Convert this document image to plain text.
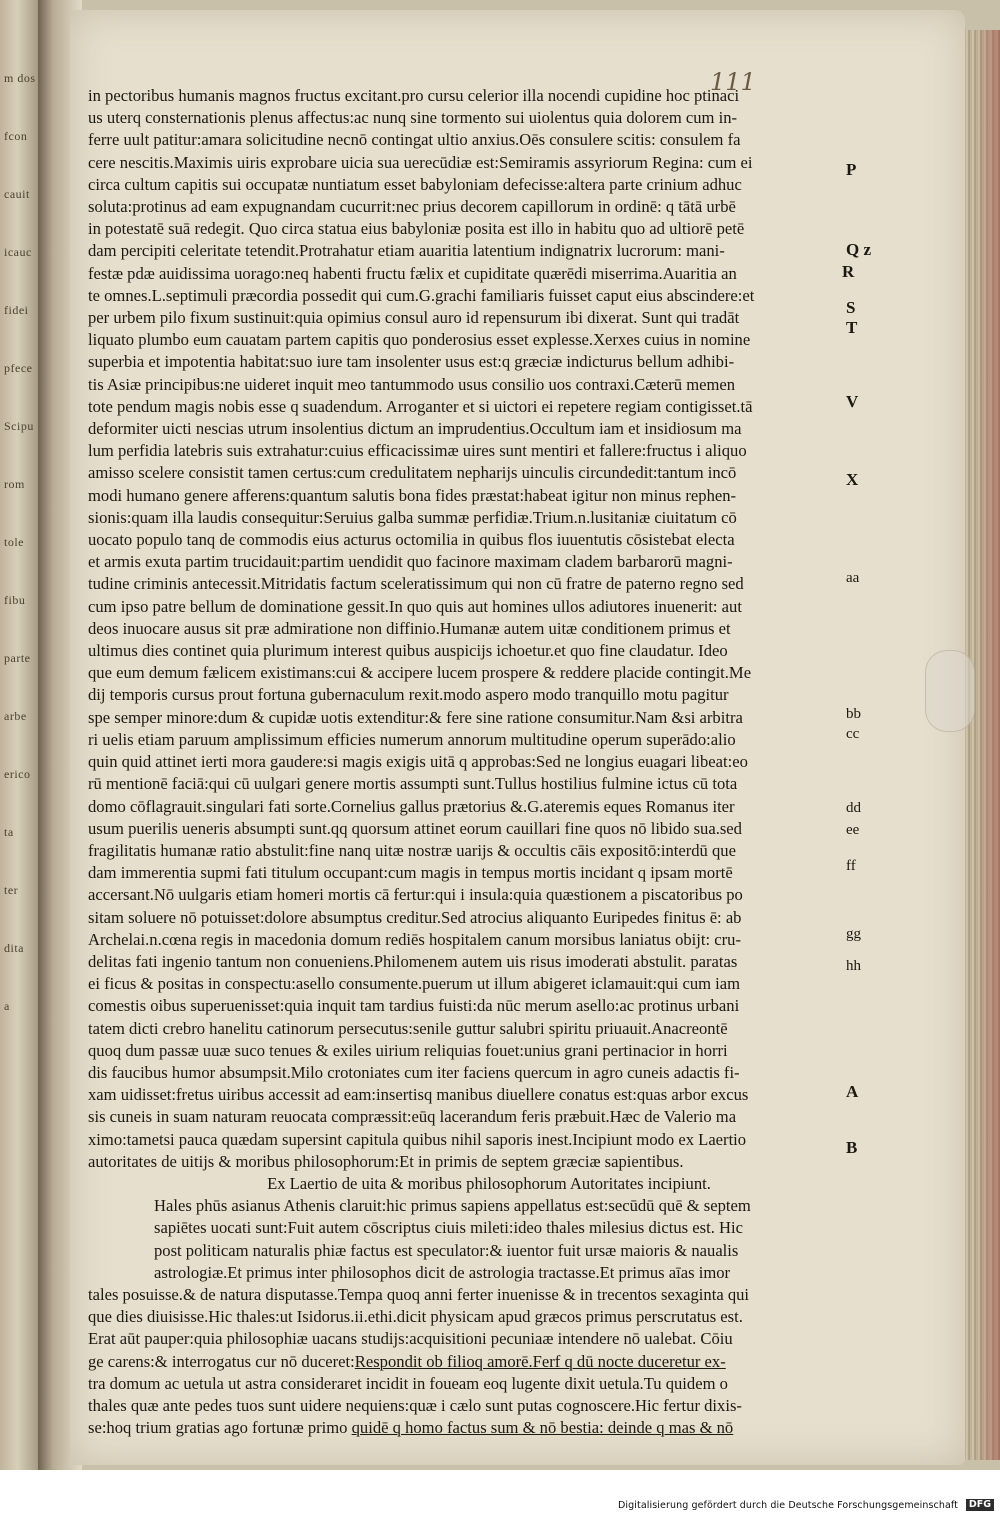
m dos
fcon
cauit
icauc
fidei
pfece
Scipu
rom
tole
fibu
parte
arbe
erico
ta
ter
dita
a
111

in pectoribus humanis magnos fructus excitant.pro cursu celerior illa nocendi cupidine hoc ptinaci

us uterq consternationis plenus affectus:ac nunq sine tormento sui uiolentus quia dolorem cum in-

ferre uult patitur:amara solicitudine necnō contingat ultio anxius.Oēs consulere scitis: consulem fa

cere nescitis.Maximis uiris exprobare uicia sua uerecūdiæ est:Semiramis assyriorum Regina: cum ei

circa cultum capitis sui occupatæ nuntiatum esset babyloniam defecisse:altera parte crinium adhuc

soluta:protinus ad eam expugnandam cucurrit:nec prius decorem capillorum in ordinē: q tātā urbē

in potestatē suā redegit. Quo circa statua eius babyloniæ posita est illo in habitu quo ad ultiorē petē

dam percipiti celeritate tetendit.Protrahatur etiam auaritia latentium indignatrix lucrorum: mani-

festæ pdæ auidissima uorago:neq habenti fructu fælix et cupiditate quærēdi miserrima.Auaritia an

te omnes.L.septimuli præcordia possedit qui cum.G.grachi familiaris fuisset caput eius abscindere:et

per urbem pilo fixum sustinuit:quia opimius consul auro id repensurum ibi dixerat. Sunt qui tradāt

liquato plumbo eum cauatam partem capitis quo ponderosius esset explesse.Xerxes cuius in nomine

superbia et impotentia habitat:suo iure tam insolenter usus est:q græciæ indicturus bellum adhibi-

tis Asiæ principibus:ne uideret inquit meo tantummodo usus consilio uos contraxi.Cæterū memen

tote pendum magis nobis esse q suadendum. Arroganter et si uictori ei repetere regiam contigisset.tā

deformiter uicti nescias utrum insolentius dictum an imprudentius.Occultum iam et insidiosum ma

lum perfidia latebris suis extrahatur:cuius efficacissimæ uires sunt mentiri et fallere:fructus i aliquo

amisso scelere consistit tamen certus:cum credulitatem nepharijs uinculis circundedit:tantum incō

modi humano genere afferens:quantum salutis bona fides præstat:habeat igitur non minus rephen-

sionis:quam illa laudis consequitur:Seruius galba summæ perfidiæ.Trium.n.lusitaniæ ciuitatum cō

uocato populo tanq de commodis eius acturus octomilia in quibus flos iuuentutis cōsistebat electa

et armis exuta partim trucidauit:partim uendidit quo facinore maximam cladem barbarorū magni-

tudine criminis antecessit.Mitridatis factum sceleratissimum qui non cū fratre de paterno regno sed

cum ipso patre bellum de dominatione gessit.In quo quis aut homines ullos adiutores inuenerit: aut

deos inuocare ausus sit præ admiratione non diffinio.Humanæ autem uitæ conditionem primus et

ultimus dies continet quia plurimum interest quibus auspicijs ichoetur.et quo fine claudatur. Ideo

que eum demum fælicem existimans:cui & accipere lucem prospere & reddere placide contingit.Me

dij temporis cursus prout fortuna gubernaculum rexit.modo aspero modo tranquillo motu pagitur

spe semper minore:dum & cupidæ uotis extenditur:& fere sine ratione consumitur.Nam &si arbitra

ri uelis etiam paruum amplissimum efficies numerum annorum multitudine operum superādo:alio

quin quid attinet ierti mora gaudere:si magis exigis uitā q approbas:Sed ne longius euagari libeat:eo

rū mentionē faciā:qui cū uulgari genere mortis assumpti sunt.Tullus hostilius fulmine ictus cū tota

domo cōflagrauit.singulari fati sorte.Cornelius gallus prætorius &.G.ateremis eques Romanus iter

usum puerilis ueneris absumpti sunt.qq quorsum attinet eorum cauillari fine quos nō libido sua.sed

fragilitatis humanæ ratio abstulit:fine nanq uitæ nostræ uarijs & occultis cāis expositō:interdū que

dam immerentia supmi fati titulum occupant:cum magis in tempus mortis incidant q ipsam mortē

accersant.Nō uulgaris etiam homeri mortis cā fertur:qui i insula:quia quæstionem a piscatoribus po

sitam soluere nō potuisset:dolore absumptus creditur.Sed atrocius aliquanto Euripedes finitus ē: ab

Archelai.n.cœna regis in macedonia domum rediēs hospitalem canum morsibus laniatus obijt: cru-

delitas fati ingenio tantum non conueniens.Philomenem autem uis risus imoderati abstulit. paratas

ei ficus & positas in conspectu:asello consumente.puerum ut illum abigeret iclamauit:qui cum iam

comestis oibus superuenisset:quia inquit tam tardius fuisti:da nūc merum asello:ac protinus urbani

tatem dicti crebro hanelitu catinorum persecutus:senile guttur salubri spiritu priuauit.Anacreontē

quoq dum passæ uuæ suco tenues & exiles uirium reliquias fouet:unius grani pertinacior in horri

dis faucibus humor absumpsit.Milo crotoniates cum iter faciens quercum in agro cuneis adactis fi-

xam uidisset:fretus uiribus accessit ad eam:insertisq manibus diuellere conatus est:quas arbor excus

sis cuneis in suam naturam reuocata compræssit:eūq lacerandum feris præbuit.Hæc de Valerio ma

ximo:tametsi pauca quædam supersint capitula quibus nihil saporis inest.Incipiunt modo ex Laertio

autoritates de uitijs & moribus philosophorum:Et in primis de septem græciæ sapientibus.

Ex Laertio de uita & moribus philosophorum Autoritates incipiunt.

Hales phūs asianus Athenis claruit:hic primus sapiens appellatus est:secūdū quē & septem

sapiētes uocati sunt:Fuit autem cōscriptus ciuis mileti:ideo thales milesius dictus est. Hic

post politicam naturalis phiæ factus est speculator:& iuentor fuit ursæ maioris & naualis

astrologiæ.Et primus inter philosophos dicit de astrologia tractasse.Et primus aīas imor

tales posuisse.& de natura disputasse.Tempa quoq anni ferter inuenisse & in trecentos sexaginta qui

que dies diuisisse.Hic thales:ut Isidorus.ii.ethi.dicit physicam apud græcos primus perscrutatus est.

Erat aūt pauper:quia philosophiæ uacans studijs:acquisitioni pecuniaæ intendere nō ualebat. Cōiu

ge carens:& interrogatus cur nō duceret:Respondit ob filioq amorē.Ferf q dū nocte duceretur ex-

tra domum ac uetula ut astra consideraret incidit in foueam eoq lugente dixit uetula.Tu quidem o

thales quæ ante pedes tuos sunt uidere nequiens:quæ i cælo sunt putas cognoscere.Hic fertur dixis-

se:hoq trium gratias ago fortunæ primo quidē q homo factus sum & nō bestia: deinde q mas & nō

P
Q z
R
S
T
V
X
aa
bb
cc
dd
ee
ff
gg
hh
A
B
Digitalisierung gefördert durch die Deutsche Forschungsgemeinschaft	DFG
